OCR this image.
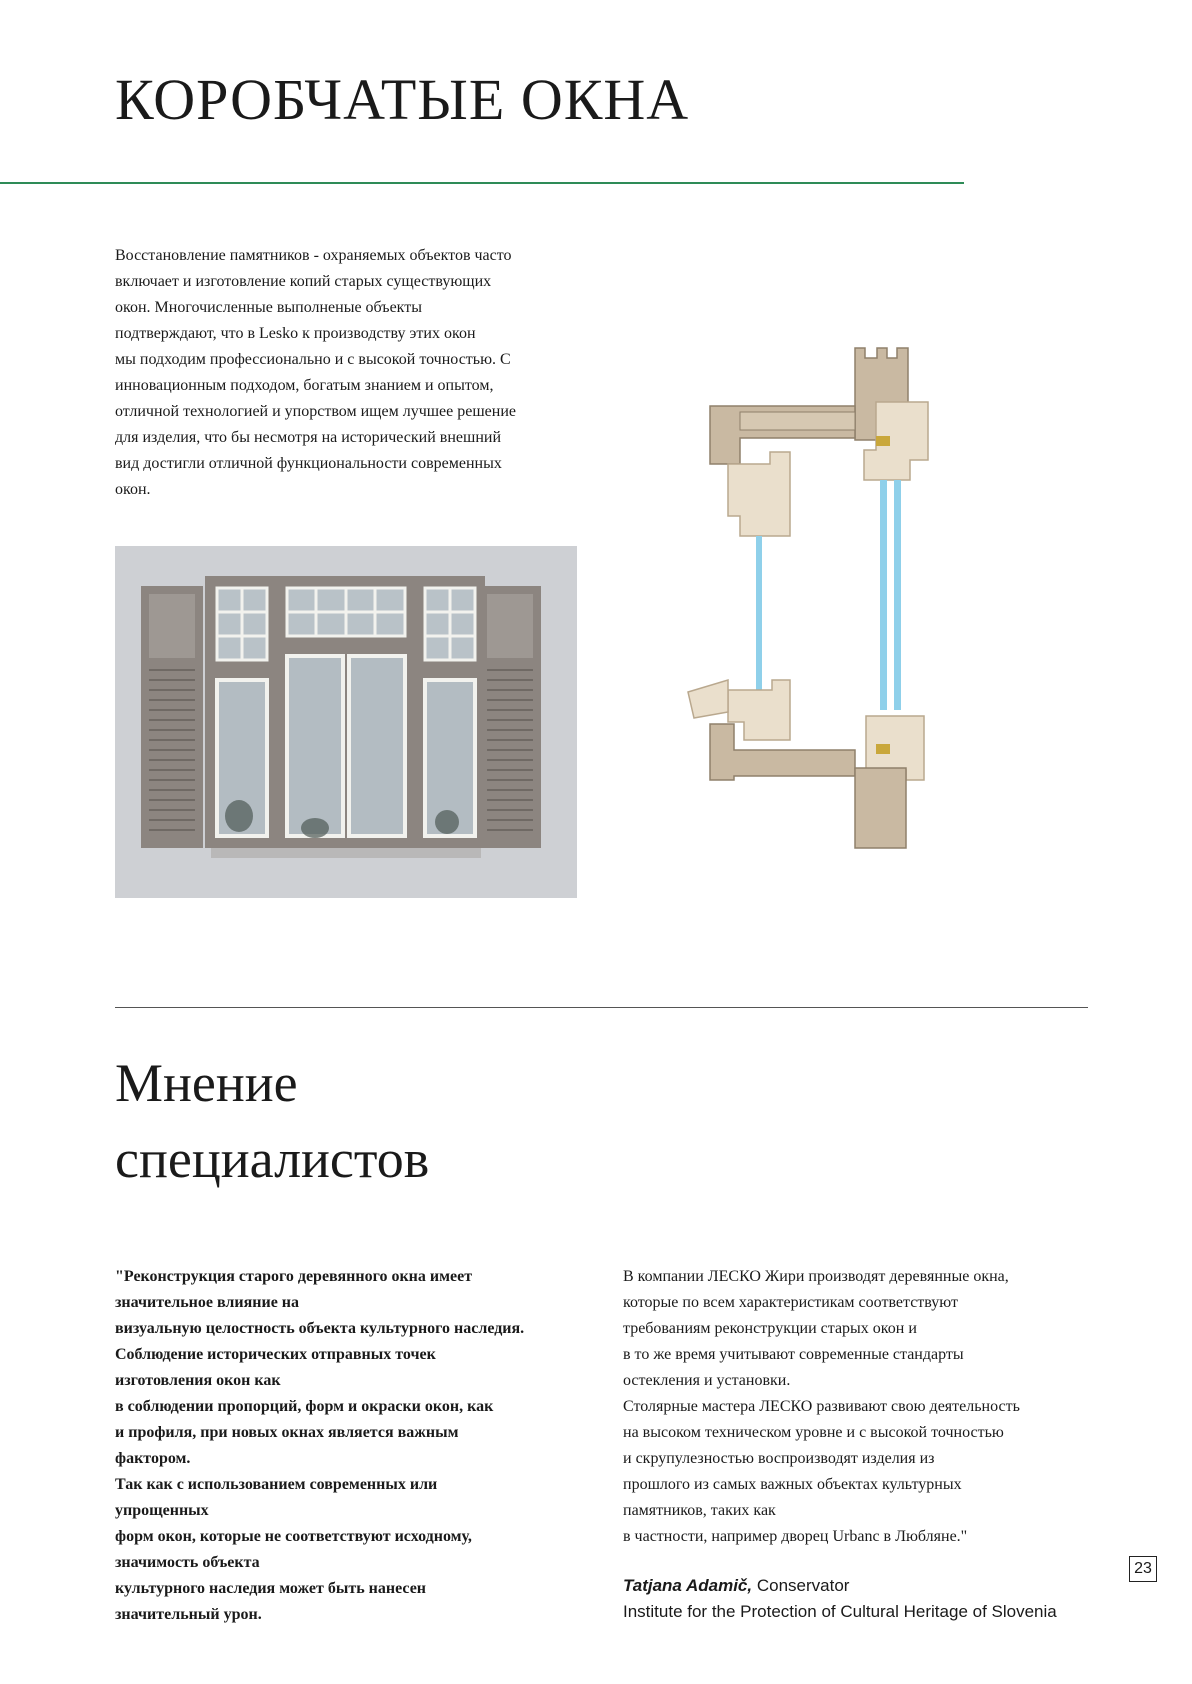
КОРОБЧАТЫЕ ОКНА
Восстановление памятников - охраняемых объектов часто
включает и изготовление копий старых существующих
окон. Многочисленные выполненые объекты
подтверждают, что в Lesko к производству этих окон
мы подходим профессионально и с высокой точностью. С
инновационным подходом, богатым знанием и опытом,
отличной технологией и упорством ищем лучшее решение
для изделия, что бы несмотря на исторический внешний
вид достигли отличной функциональности современных
окон.
Мнение
специалистов
"Реконструкция старого деревянного окна имеет
значительное влияние на
визуальную целостность объекта культурного наследия.
Соблюдение исторических отправных точек
изготовления окон как
в соблюдении пропорций, форм и окраски окон, как
и профиля, при новых окнах является важным
фактором.
Так как с использованием современных или
упрощенных
форм окон, которые не соответствуют исходному,
значимость объекта
культурного наследия может быть нанесен
значительный урон.
В компании ЛЕСКО Жири производят деревянные окна,
которые по всем характеристикам соответствуют
требованиям реконструкции старых окон и
в то же время учитывают современные стандарты
остекления и установки.
Столярные мастера ЛЕСКО развивают свою деятельность
на высоком техническом уровне и с высокой точностью
и скрупулезностью воспроизводят изделия из
прошлого из самых важных объектах культурных
памятников, таких как
в частности, например дворец Urbanc в Любляне."
Tatjana Adamič, Conservator
Institute for the Protection of Cultural Heritage of Slovenia
23
